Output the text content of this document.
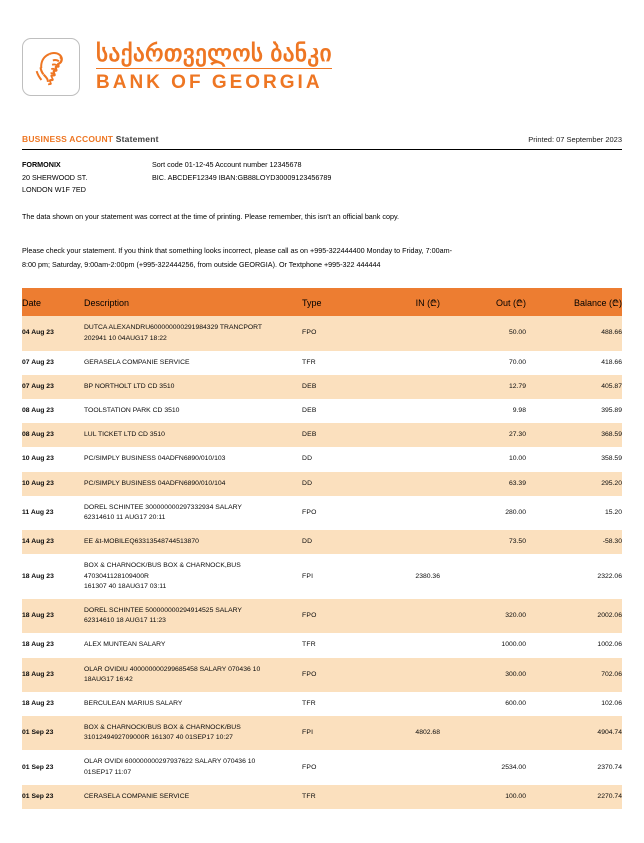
საქართველოს ბანკი
BANK OF GEORGIA
BUSINESS ACCOUNT Statement	Printed: 07 September 2023
FORMONIX
20 SHERWOOD ST.
LONDON W1F 7ED
Sort code 01-12-45 Account number 12345678
BIC. ABCDEF12349 IBAN:GB88LOYD30009123456789
The data shown on your statement was correct at the time of printing. Please remember, this isn't an official bank copy.
Please check your statement. If you think that something looks incorrect, please call as on +995-322444400 Monday to Friday, 7:00am-
8:00 pm; Saturday, 9:00am-2:00pm (+995-322444256, from outside GEORGIA). Or Textphone +995-322 444444
Date	Description	Type	IN (₾)	Out (₾)	Balance (₾)
04 Aug 23	DUTCA ALEXANDRU600000000291984329 TRANCPORT
202941 10 04AUG17 18:22	FPO		50.00	488.66
07 Aug 23	GERASELA COMPANIE SERVICE	TFR		70.00	418.66
07 Aug 23	BP NORTHOLT LTD CD 3510	DEB		12.79	405.87
08 Aug 23	TOOLSTATION PARK CD 3510	DEB		9.98	395.89
08 Aug 23	LUL TICKET LTD CD 3510	DEB		27.30	368.59
10 Aug 23	PC/SIMPLY BUSINESS 04ADFN6890/010/103	DD		10.00	358.59
10 Aug 23	PC/SIMPLY BUSINESS 04ADFN6890/010/104	DD		63.39	295.20
11 Aug 23	DOREL SCHINTEE 300000000297332934 SALARY
62314610 11 AUG17 20:11	FPO		280.00	15.20
14 Aug 23	EE &t-MOBILEQ63313548744513870	DD		73.50	-58.30
18 Aug 23	BOX & CHARNOCK/BUS BOX & CHARNOCK,BUS 4703041128109400R
161307 40 18AUG17 03:11	FPI	2380.36		2322.06
18 Aug 23	DOREL SCHINTEE 500000000294914525 SALARY
62314610 18 AUG17 11:23	FPO		320.00	2002.06
18 Aug 23	ALEX MUNTEAN SALARY	TFR		1000.00	1002.06
18 Aug 23	OLAR OVIDIU 400000000299685458 SALARY 070436 10
18AUG17 16:42	FPO		300.00	702.06
18 Aug 23	BERCULEAN MARIUS SALARY	TFR		600.00	102.06
01 Sep 23	BOX & CHARNOCK/BUS BOX & CHARNOCK/BUS
3101249492709000R 161307 40 01SEP17 10:27	FPI	4802.68		4904.74
01 Sep 23	OLAR OVIDI 600000000297937622 SALARY 070436 10
01SEP17 11:07	FPO		2534.00	2370.74
01 Sep 23	CERASELA COMPANIE SERVICE	TFR		100.00	2270.74
